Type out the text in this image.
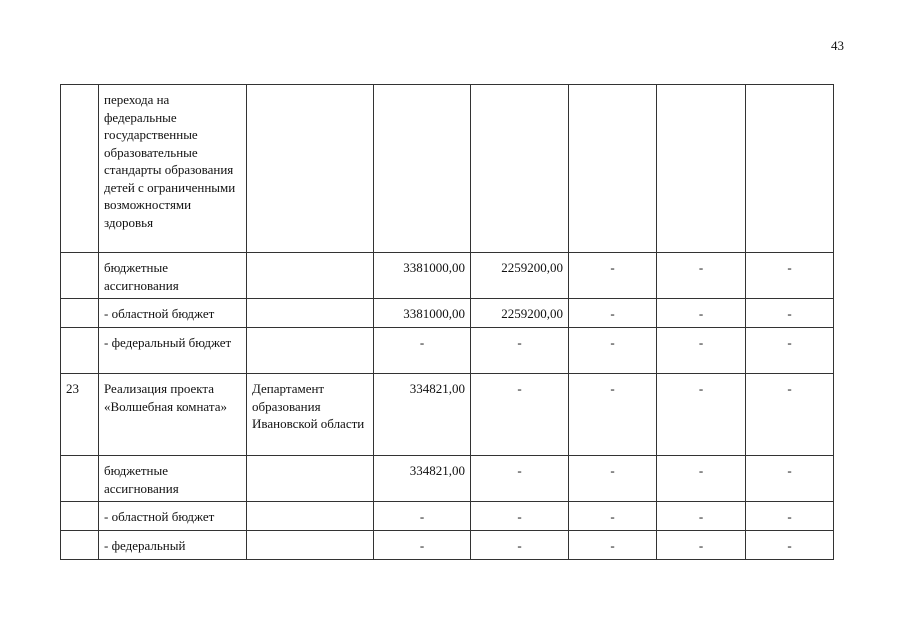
43
	перехода на федеральные государственные образовательные стандарты образования детей с ограниченными возможностями здоровья						
	бюджетные ассигнования		3381000,00	2259200,00	-	-	-
	- областной бюджет		3381000,00	2259200,00	-	-	-
	- федеральный бюджет		-	-	-	-	-
23	Реализация проекта «Волшебная комната»	Департамент образования Ивановской области	334821,00	-	-	-	-
	бюджетные ассигнования		334821,00	-	-	-	-
	- областной бюджет		-	-	-	-	-
	- федеральный		-	-	-	-	-
